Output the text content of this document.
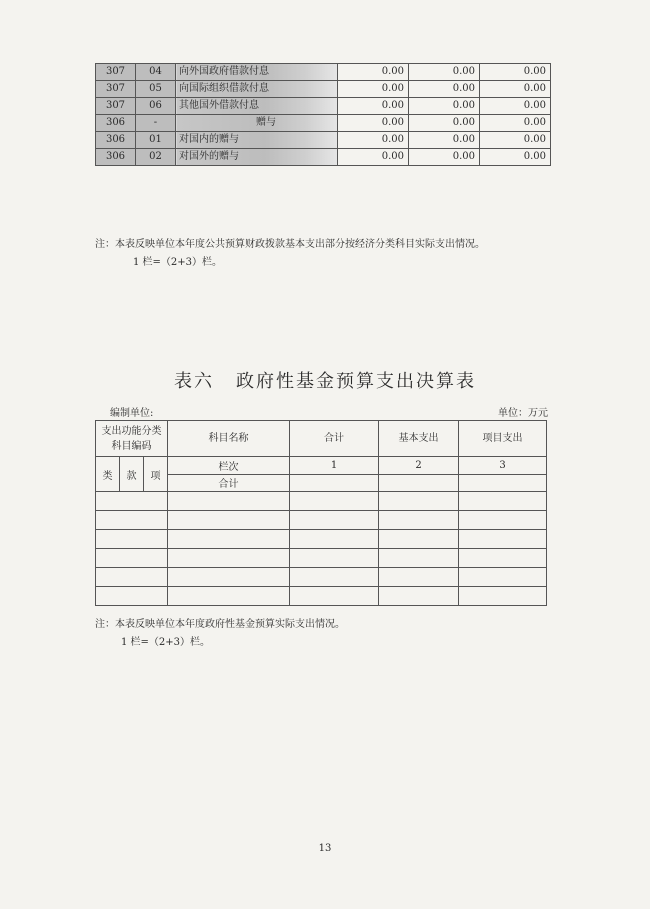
307	04	向外国政府借款付息	0.00	0.00	0.00
307	05	向国际组织借款付息	0.00	0.00	0.00
307	06	其他国外借款付息	0.00	0.00	0.00
306	-	赠与	0.00	0.00	0.00
306	01	对国内的赠与	0.00	0.00	0.00
306	02	对国外的赠与	0.00	0.00	0.00
注：本表反映单位本年度公共预算财政拨款基本支出部分按经济分类科目实际支出情况。
1 栏=（2+3）栏。
表六 政府性基金预算支出决算表
编制单位:	单位：万元
支出功能分类科目编码			科目名称	合计	基本支出	项目支出

类	款	项	栏次	1	2	3
			合计			

注：本表反映单位本年度政府性基金预算实际支出情况。
1 栏=（2+3）栏。
13
